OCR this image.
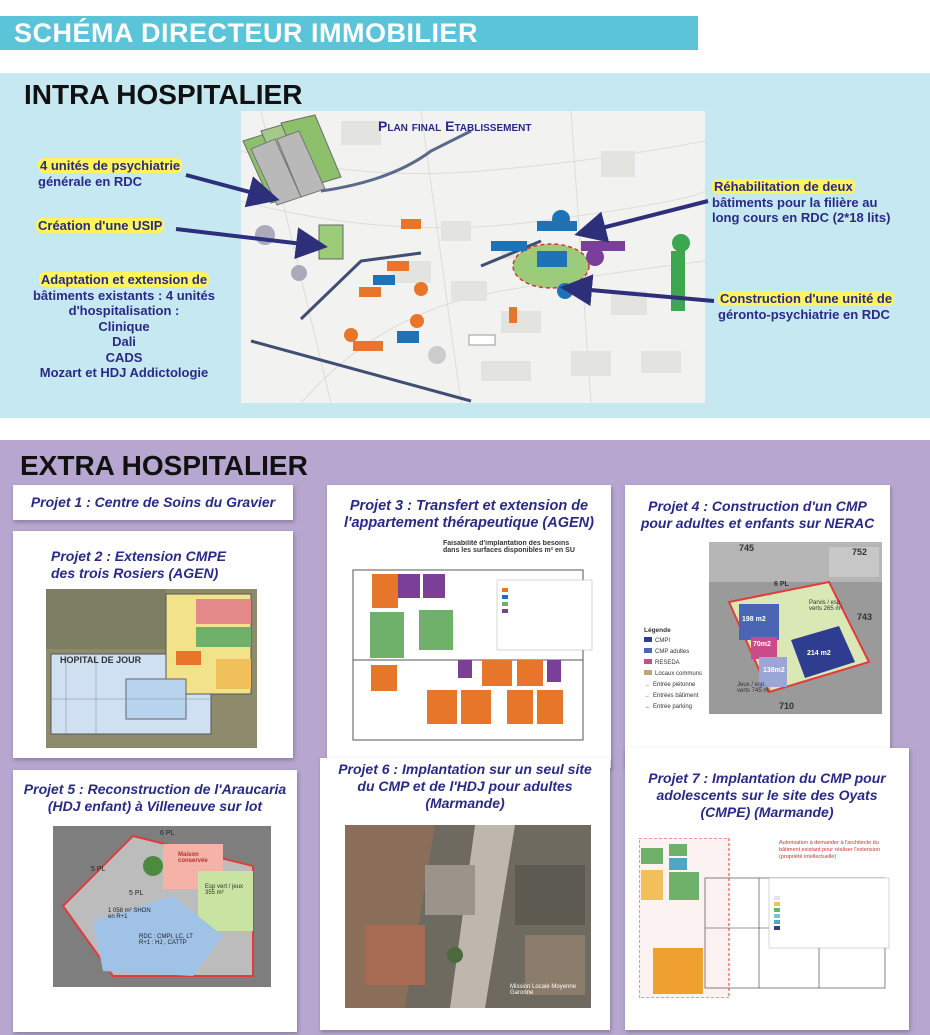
SCHÉMA DIRECTEUR IMMOBILIER
INTRA HOSPITALIER
Plan final Etablissement
4 unités de psychiatrie
générale en RDC
Création d'une USIP
Adaptation et extension de
bâtiments existants : 4 unités
d'hospitalisation :
Clinique
Dali
CADS
Mozart et HDJ Addictologie
Réhabilitation de deux
bâtiments pour la filière au
long cours en RDC (2*18 lits)
Construction d'une unité de
géronto-psychiatrie en RDC
EXTRA HOSPITALIER
Projet 1 : Centre de Soins du Gravier
Projet 2 : Extension CMPE
des trois Rosiers (AGEN)
HOPITAL DE JOUR
Projet 3 : Transfert et extension de
l'appartement thérapeutique (AGEN)
Faisabilité d'implantation des besoins
dans les surfaces disponibles m² en SU
Projet 4 : Construction d'un CMP
pour adultes et enfants sur NERAC
198 m2
70m2
138m2
214 m2
Parvis / esp. verts 265 m²
Jeux / esp. verts 745 m²
745	752
743
710
6 PL
Légende
CMPI
CMP adultes
RESEDA
Locaux communs
→ Entrée piétonne
→ Entrées bâtiment
→ Entrée parking
Projet 5 : Reconstruction de l'Araucaria
(HDJ enfant) à Villeneuve sur lot
6 PL
5 PL
5 PL
Maison conservée
Esp vert / jeux 355 m²
1 058 m² SHON en R+1
RDC : CMPI, LC, LT R+1 : HJ , CATTP
Projet 6 : Implantation sur un seul site
du CMP et de l'HDJ pour adultes
(Marmande)
Mission Locale Moyenne Garonne
Projet 7 : Implantation du CMP pour
adolescents sur le site des Oyats
(CMPE) (Marmande)
Autorisation à demander à l'architecte du bâtiment existant pour réaliser l'extension (propriété intellectuelle)
